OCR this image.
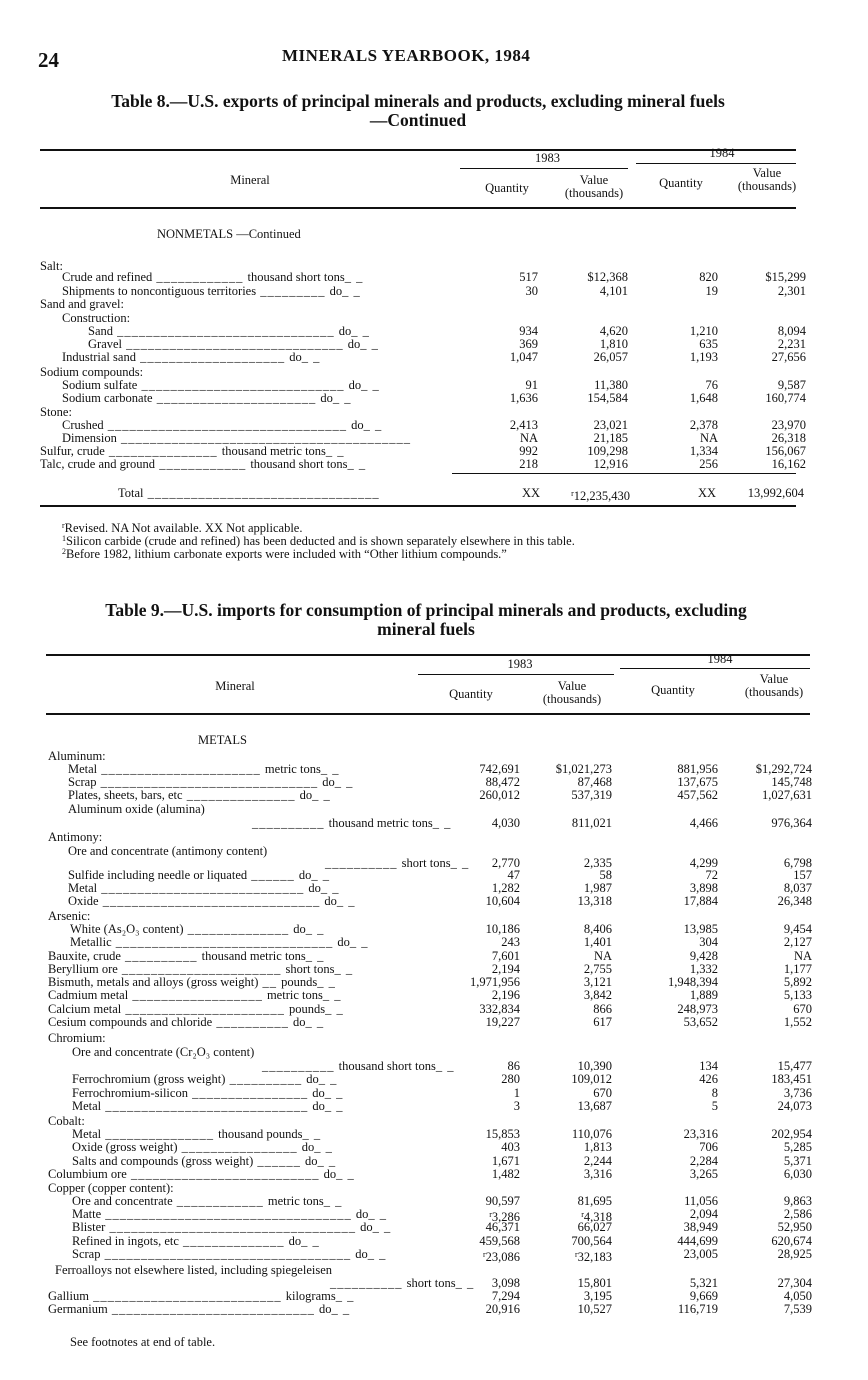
24	MINERALS YEARBOOK, 1984
Table 8.—U.S. exports of principal minerals and products, excluding mineral fuels
—Continued
Mineral
1983	1984
Quantity
Value
(thousands)
Quantity
Value
(thousands)
NONMETALS —Continued
Salt:
Crude and refined ____________ thousand short tons_ _	517	$12,368	820	$15,299
Shipments to noncontiguous territories _________ do_ _	30	4,101	19	2,301
Sand and gravel:
Construction:
Sand ______________________________ do_ _	934	4,620	1,210	8,094
Gravel ______________________________ do_ _	369	1,810	635	2,231
Industrial sand ____________________ do_ _	1,047	26,057	1,193	27,656
Sodium compounds:
Sodium sulfate ____________________________ do_ _	91	11,380	76	9,587
Sodium carbonate ______________________ do_ _	1,636	154,584	1,648	160,774
Stone:
Crushed _________________________________ do_ _	2,413	23,021	2,378	23,970
Dimension ________________________________________	NA	21,185	NA	26,318
Sulfur, crude _______________ thousand metric tons_ _	992	109,298	1,334	156,067
Talc, crude and ground ____________ thousand short tons_ _	218	12,916	256	16,162
Total ________________________________	XX	$^r$12,235,430	XX	13,992,604
$^r$Revised. NA Not available. XX Not applicable.
$^1$Silicon carbide (crude and refined) has been deducted and is shown separately elsewhere in this table.
$^2$Before 1982, lithium carbonate exports were included with “Other lithium compounds.”
Table 9.—U.S. imports for consumption of principal minerals and products, excluding
mineral fuels
Mineral
1983	1984
Quantity
Value
(thousands)
Quantity
Value
(thousands)
METALS
Aluminum:
Metal ______________________ metric tons_ _	742,691	$1,021,273	881,956	$1,292,724
Scrap ______________________________ do_ _	88,472	87,468	137,675	145,748
Plates, sheets, bars, etc _______________ do_ _	260,012	537,319	457,562	1,027,631
Aluminum oxide (alumina)
__________ thousand metric tons_ _	4,030	811,021	4,466	976,364
Antimony:
Ore and concentrate (antimony content)
__________ short tons_ _ 2,770	2,335	4,299	6,798
Sulfide including needle or liquated ______ do_ _	47	58	72	157
Metal ____________________________ do_ _	1,282	1,987	3,898	8,037
Oxide ______________________________ do_ _	10,604	13,318	17,884	26,348
Arsenic:
White (As₂O₃ content) ______________ do_ _	10,186	8,406	13,985	9,454
Metallic ______________________________ do_ _	243	1,401	304	2,127
Bauxite, crude __________ thousand metric tons_ _	7,601	NA	9,428	NA
Beryllium ore ______________________ short tons_ _	2,194	2,755	1,332	1,177
Bismuth, metals and alloys (gross weight) __ pounds_ _	1,971,956	3,121	1,948,394	5,892
Cadmium metal __________________ metric tons_ _	2,196	3,842	1,889	5,133
Calcium metal ______________________ pounds_ _	332,834	866	248,973	670
Cesium compounds and chloride __________ do_ _	19,227	617	53,652	1,552
Chromium:
Ore and concentrate (Cr₂O₃ content)
__________ thousand short tons_ _	86	10,390	134	15,477
Ferrochromium (gross weight) __________ do_ _	280	109,012	426	183,451
Ferrochromium-silicon ________________ do_ _	1	670	8	3,736
Metal ____________________________ do_ _	3	13,687	5	24,073
Cobalt:
Metal _______________ thousand pounds_ _	15,853	110,076	23,316	202,954
Oxide (gross weight) ________________ do_ _	403	1,813	706	5,285
Salts and compounds (gross weight) ______ do_ _	1,671	2,244	2,284	5,371
Columbium ore __________________________ do_ _	1,482	3,316	3,265	6,030
Copper (copper content):
Ore and concentrate ____________ metric tons_ _	90,597	81,695	11,056	9,863
Matte __________________________________ do_ _	$^r$3,286	$^r$4,318	2,094	2,586
Blister __________________________________ do_ _	46,371	66,027	38,949	52,950
Refined in ingots, etc ______________ do_ _	459,568	700,564	444,699	620,674
Scrap __________________________________ do_ _	$^r$23,086	$^r$32,183	23,005	28,925
Ferroalloys not elsewhere listed, including spiegeleisen
__________ short tons_ _ 3,098	15,801	5,321	27,304
Gallium __________________________ kilograms_ _	7,294	3,195	9,669	4,050
Germanium ____________________________ do_ _	20,916	10,527	116,719	7,539
See footnotes at end of table.
